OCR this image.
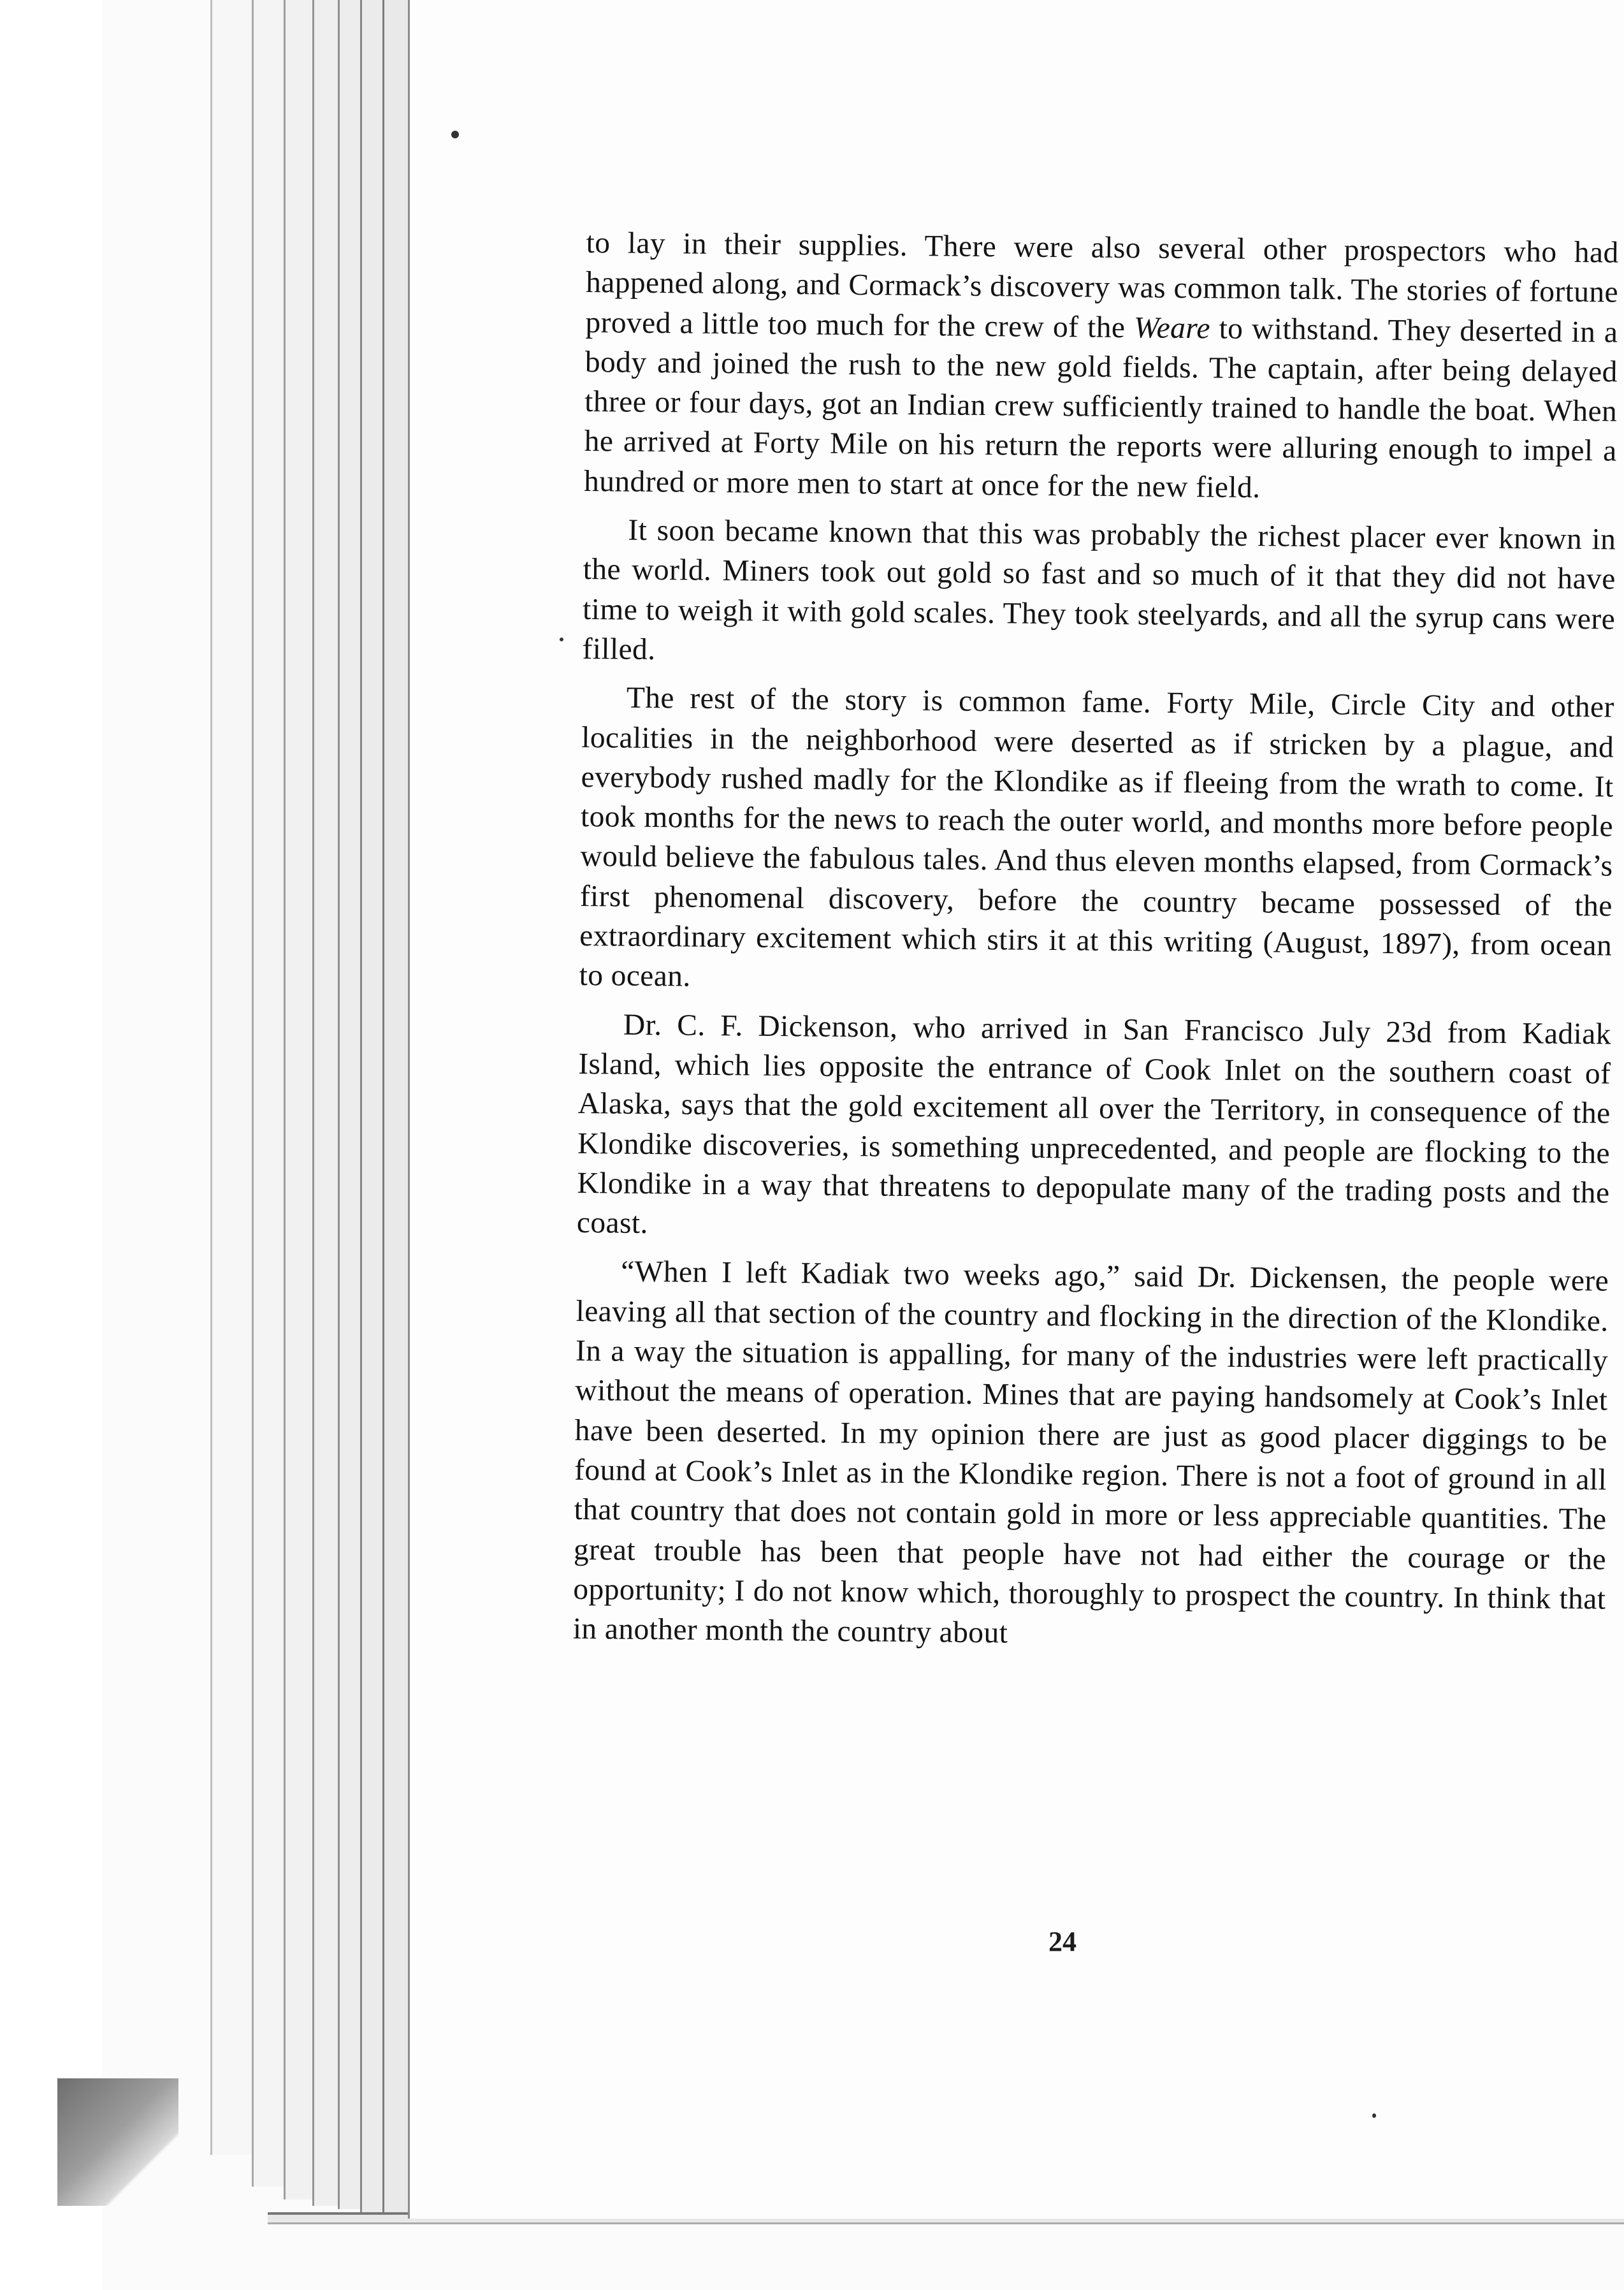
to lay in their supplies. There were also several other prospectors who had happened along, and Cormack’s discovery was common talk. The stories of fortune proved a little too much for the crew of the Weare to withstand. They deserted in a body and joined the rush to the new gold fields. The captain, after being delayed three or four days, got an Indian crew sufficiently trained to handle the boat. When he arrived at Forty Mile on his return the reports were alluring enough to impel a hundred or more men to start at once for the new field.

It soon became known that this was probably the richest placer ever known in the world. Miners took out gold so fast and so much of it that they did not have time to weigh it with gold scales. They took steelyards, and all the syrup cans were filled.

The rest of the story is common fame. Forty Mile, Circle City and other localities in the neighborhood were deserted as if stricken by a plague, and everybody rushed madly for the Klondike as if fleeing from the wrath to come. It took months for the news to reach the outer world, and months more before people would believe the fabulous tales. And thus eleven months elapsed, from Cormack’s first phenomenal discovery, before the country became possessed of the extraordinary excitement which stirs it at this writing (August, 1897), from ocean to ocean.

Dr. C. F. Dickenson, who arrived in San Francisco July 23d from Kadiak Island, which lies opposite the entrance of Cook Inlet on the southern coast of Alaska, says that the gold excitement all over the Territory, in consequence of the Klondike discoveries, is something unprecedented, and people are flocking to the Klondike in a way that threatens to depopulate many of the trading posts and the coast.

“When I left Kadiak two weeks ago,” said Dr. Dickensen, the people were leaving all that section of the country and flocking in the direction of the Klondike. In a way the situation is appalling, for many of the industries were left practically without the means of operation. Mines that are paying handsomely at Cook’s Inlet have been deserted. In my opinion there are just as good placer diggings to be found at Cook’s Inlet as in the Klondike region. There is not a foot of ground in all that country that does not contain gold in more or less appreciable quantities. The great trouble has been that people have not had either the courage or the opportunity; I do not know which, thoroughly to prospect the country. In think that in another month the country about

24
